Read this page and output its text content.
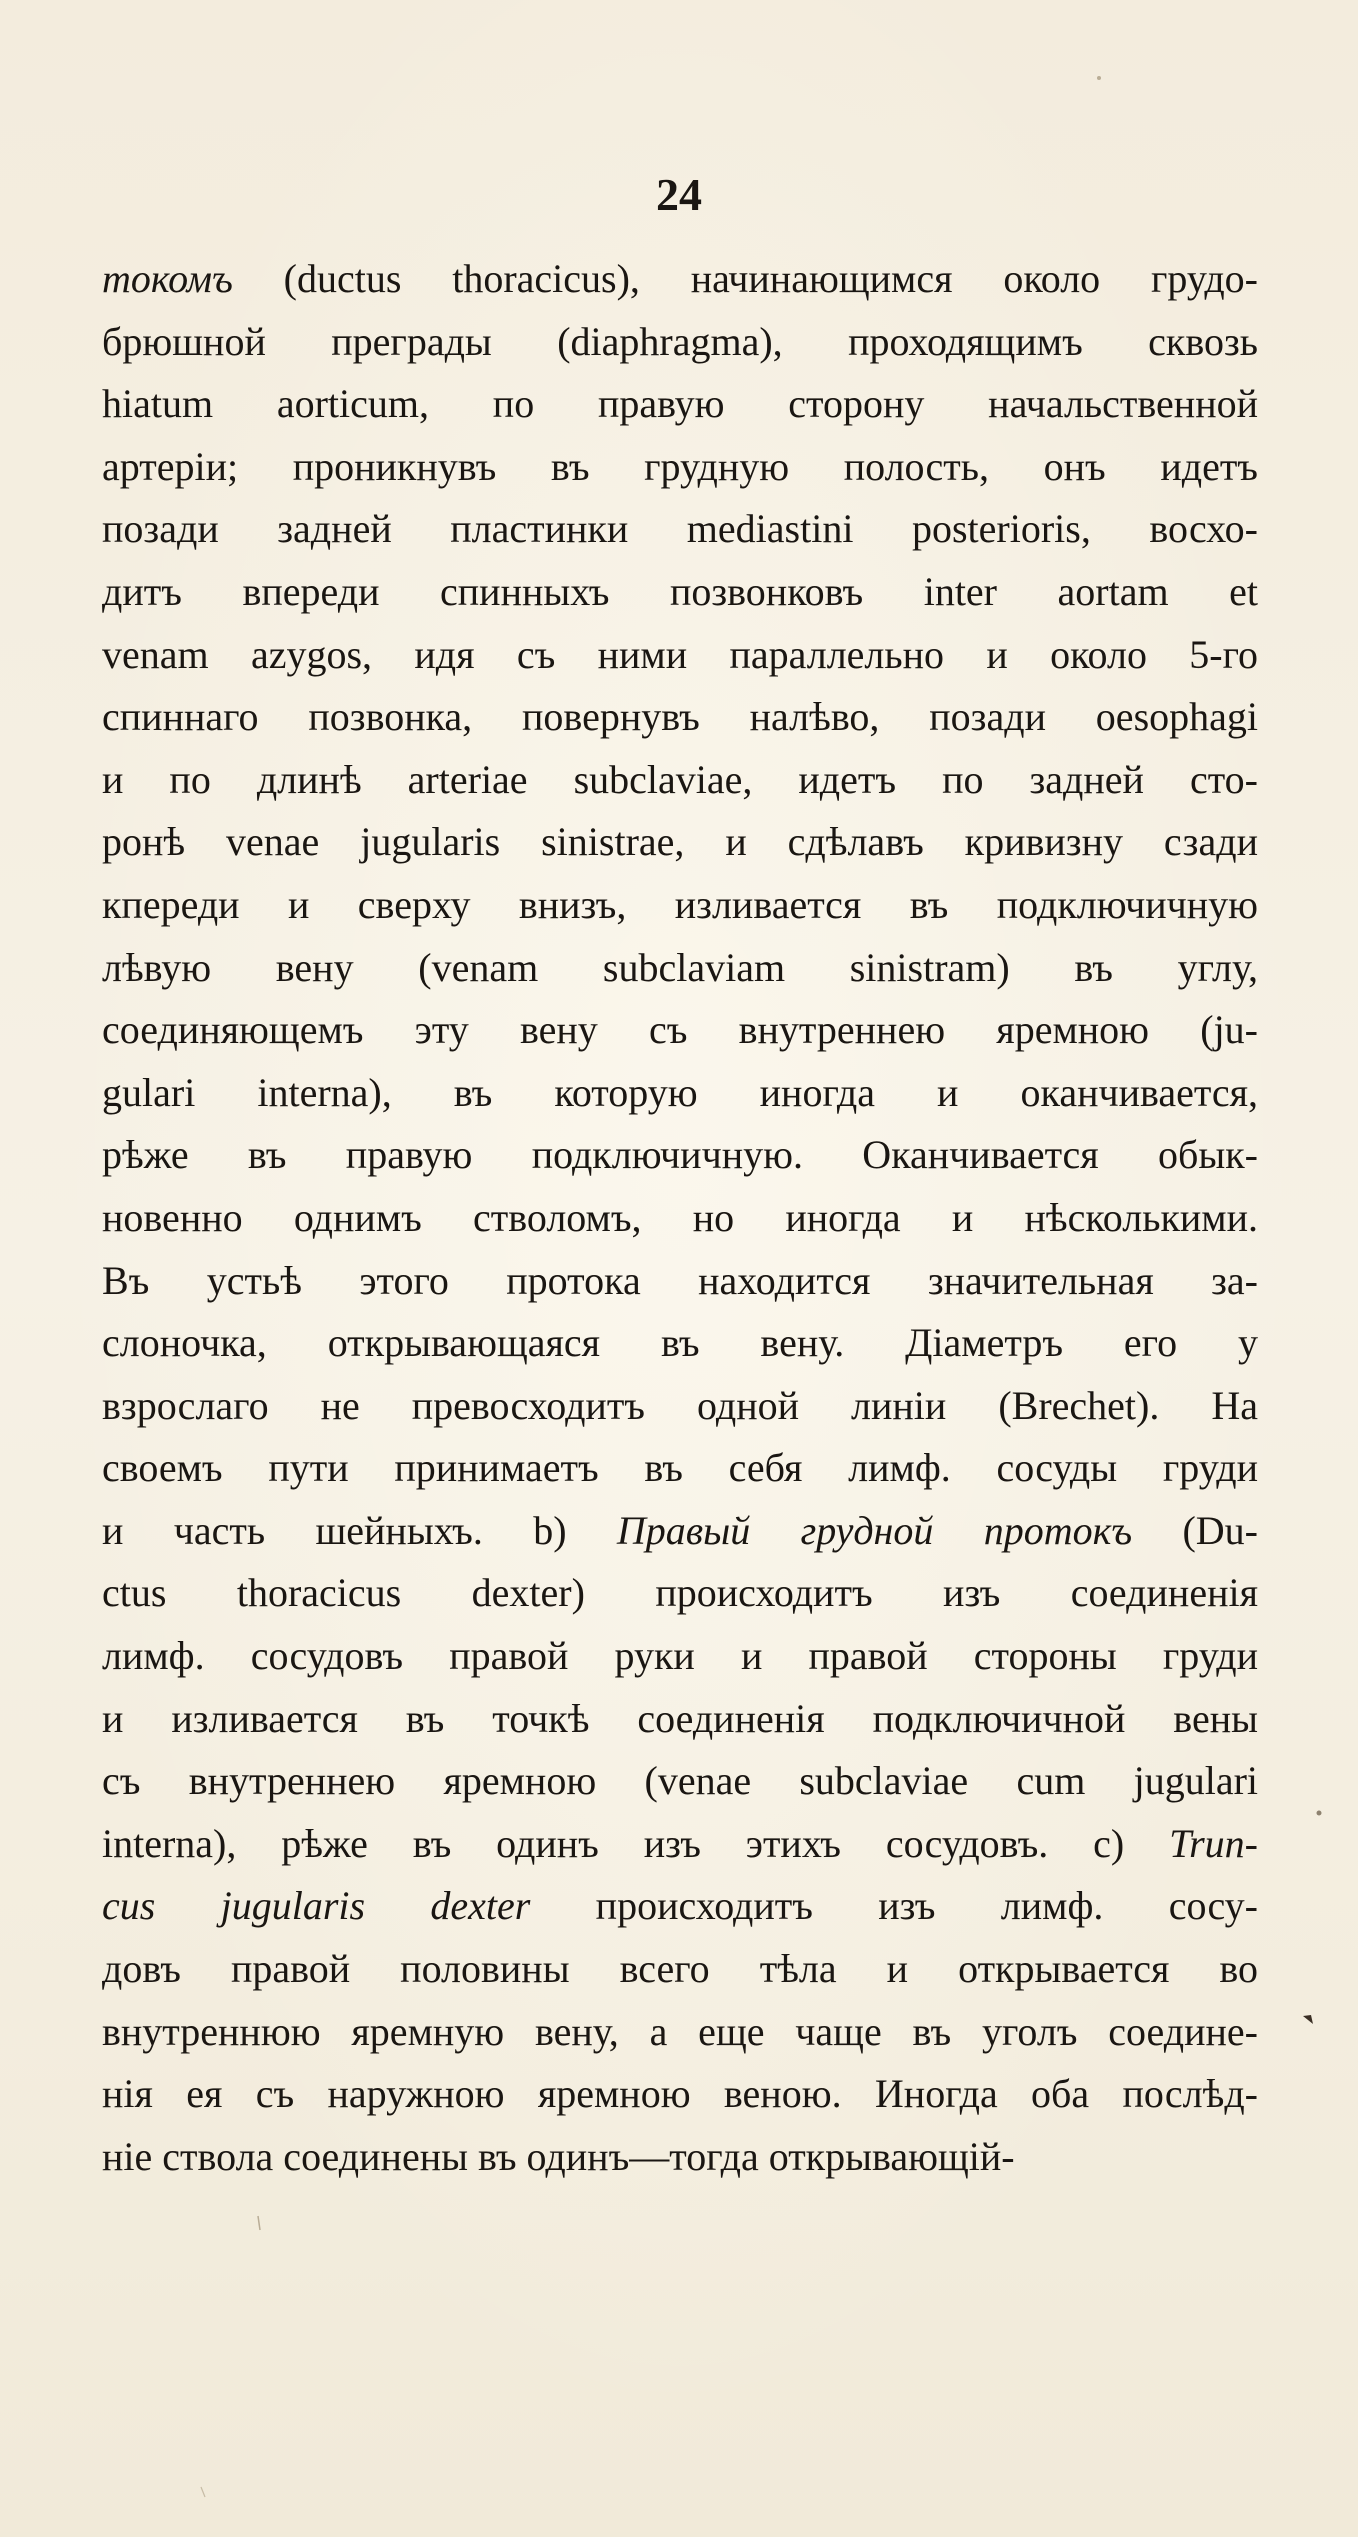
24
токомъ (ductus thoracicus), начинающимся около грудо-
брюшной преграды (diaphragma), проходящимъ сквозь
hiatum aorticum, по правую сторону начальственной
артеріи; проникнувъ въ грудную полость, онъ идетъ
позади задней пластинки mediastini posterioris, восхо-
дитъ впереди спинныхъ позвонковъ inter aortam et
venam azygos, идя съ ними параллельно и около 5-го
спиннаго позвонка, повернувъ налѣво, позади oesophagi
и по длинѣ arteriae subclaviae, идетъ по задней сто-
ронѣ venae jugularis sinistrae, и сдѣлавъ кривизну сзади
кпереди и сверху внизъ, изливается въ подключичную
лѣвую вену (venam subclaviam sinistram) въ углу,
соединяющемъ эту вену съ внутреннею яремною (ju-
gulari interna), въ которую иногда и оканчивается,
рѣже въ правую подключичную. Оканчивается обык-
новенно однимъ стволомъ, но иногда и нѣсколькими.
Въ устьѣ этого протока находится значительная за-
слоночка, открывающаяся въ вену. Діаметръ его у
взрослаго не превосходитъ одной линіи (Brechet). На
своемъ пути принимаетъ въ себя лимф. сосуды груди
и часть шейныхъ. b) Правый грудной протокъ (Du-
ctus thoracicus dexter) происходитъ изъ соединенія
лимф. сосудовъ правой руки и правой стороны груди
и изливается въ точкѣ соединенія подключичной вены
съ внутреннею яремною (venae subclaviae cum jugulari
interna), рѣже въ одинъ изъ этихъ сосудовъ. c) Trun-
cus jugularis dexter происходитъ изъ лимф. сосу-
довъ правой половины всего тѣла и открывается во
внутреннюю яремную вену, а еще чаще въ уголъ соедине-
нія ея съ наружною яремною веною. Иногда оба послѣд-
ніе ствола соединены въ одинъ—тогда открывающій-
